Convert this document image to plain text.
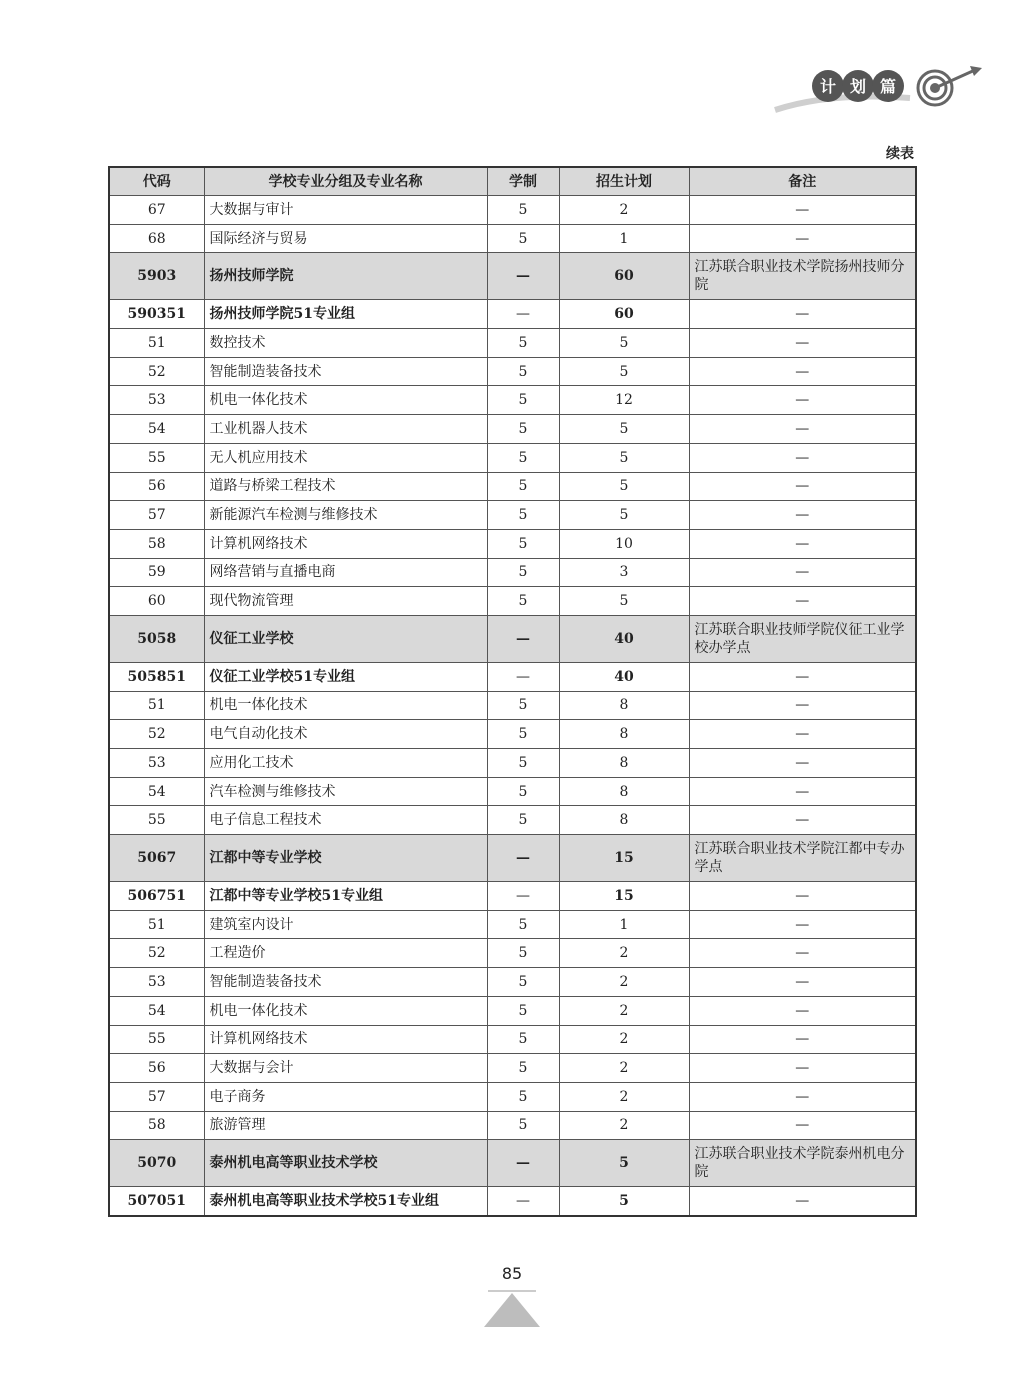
计 划 篇
续表
代码	学校专业分组及专业名称	学制	招生计划	备注
67	大数据与审计	5	2	—
68	国际经济与贸易	5	1	—
5903	扬州技师学院	—	60	江苏联合职业技术学院扬州技师分院
590351	扬州技师学院51专业组	—	60	—
51	数控技术	5	5	—
52	智能制造装备技术	5	5	—
53	机电一体化技术	5	12	—
54	工业机器人技术	5	5	—
55	无人机应用技术	5	5	—
56	道路与桥梁工程技术	5	5	—
57	新能源汽车检测与维修技术	5	5	—
58	计算机网络技术	5	10	—
59	网络营销与直播电商	5	3	—
60	现代物流管理	5	5	—
5058	仪征工业学校	—	40	江苏联合职业技师学院仪征工业学校办学点
505851	仪征工业学校51专业组	—	40	—
51	机电一体化技术	5	8	—
52	电气自动化技术	5	8	—
53	应用化工技术	5	8	—
54	汽车检测与维修技术	5	8	—
55	电子信息工程技术	5	8	—
5067	江都中等专业学校	—	15	江苏联合职业技术学院江都中专办学点
506751	江都中等专业学校51专业组	—	15	—
51	建筑室内设计	5	1	—
52	工程造价	5	2	—
53	智能制造装备技术	5	2	—
54	机电一体化技术	5	2	—
55	计算机网络技术	5	2	—
56	大数据与会计	5	2	—
57	电子商务	5	2	—
58	旅游管理	5	2	—
5070	泰州机电高等职业技术学校	—	5	江苏联合职业技术学院泰州机电分院
507051	泰州机电高等职业技术学校51专业组	—	5	—
85
